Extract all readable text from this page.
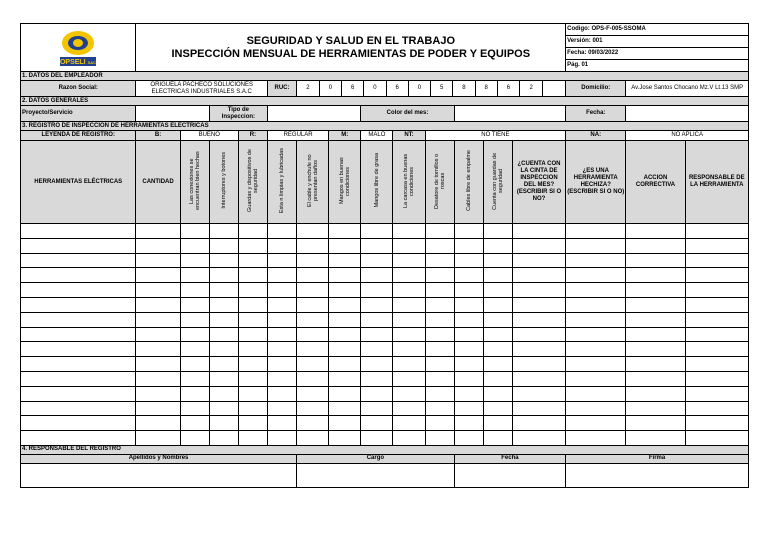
OPSELI SAC

SEGURIDAD Y SALUD EN EL TRABAJO
INSPECCIÓN MENSUAL DE HERRAMIENTAS DE PODER Y EQUIPOS
	Codigo: OPS-F-005-SSOMA
Versión: 001
Fecha: 09/03/2022
Pág. 01
1. DATOS DEL EMPLEADOR
Razon Social:	ORIGUELA PACHECO SOLUCIONES ELECTRICAS INDUSTRIALES S.A.C	RUC:		2	0	6	0	6	0	5	8	8	6	2	
		Domicilio:	Av.Jose Santos Chocano Mz.V Lt.13 SMP
2. DATOS GENERALES
Proyecto/Servicio		Tipo de Inspeccion:		Color del mes:		Fecha:	
3. REGISTRO DE INSPECCION DE HERRAMIENTAS ELECTRICAS
LEYENDA DE REGISTRO:	B:	BUENO	R:	REGULAR	M:	MALO	NT:	NO TIENE	NA:	NO APLICA
HERRAMIENTAS ELÉCTRICAS	CANTIDAD	Las conexiones se encuentran bien hechas	Interruptores y botones	Guardas y dispositivos de seguridad	Esta n limpias y lubricadas	El cable y enchufe no presentan daños	Mangos en buenas condiciones	Mangos libre de grasa	La carcasa en buenas condiciones	Desatore de tornillos o roscas	Cables libre de empalme	Cuenta con guardas de seguridad	¿CUENTA CON LA CINTA DE INSPECCION DEL MES? (ESCRIBIR SI O NO?	¿ES UNA HERRAMIENTA HECHIZA? (ESCRIBIR SI O NO)	ACCION CORRECTIVA	RESPONSABLE DE LA HERRAMIENTA

4. RESPONSABLE DEL REGISTRO
Apellidos y Nombres	Cargo	Fecha	Firma
